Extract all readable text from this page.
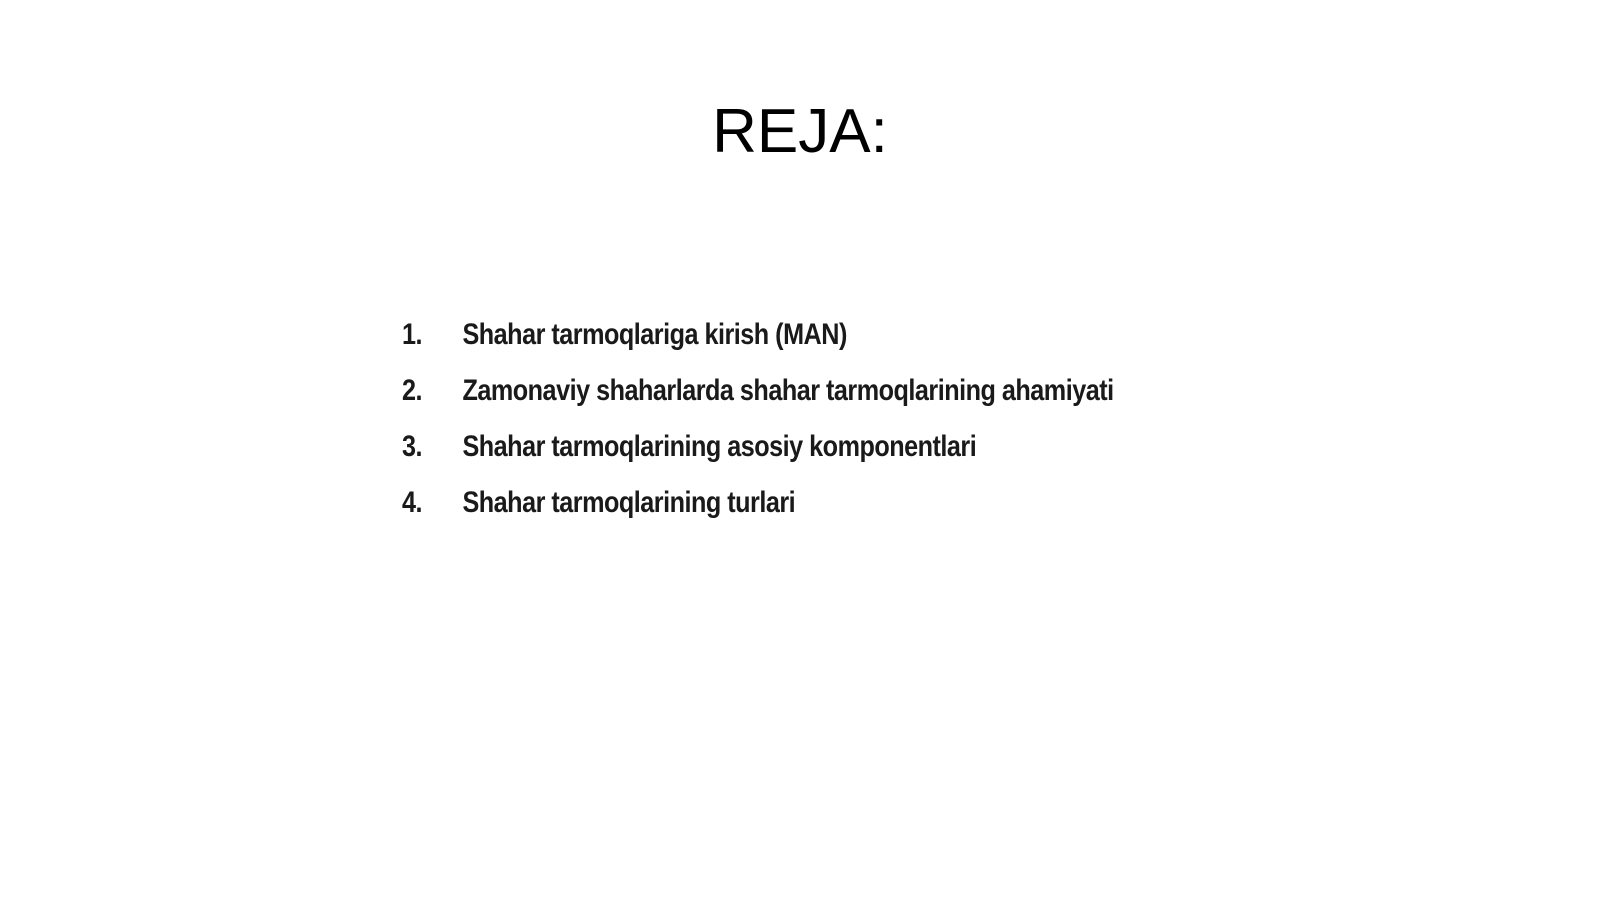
REJA:
1.	Shahar tarmoqlariga kirish (MAN)
2.	Zamonaviy shaharlarda shahar tarmoqlarining ahamiyati
3.	Shahar tarmoqlarining asosiy komponentlari
4.	Shahar tarmoqlarining turlari
